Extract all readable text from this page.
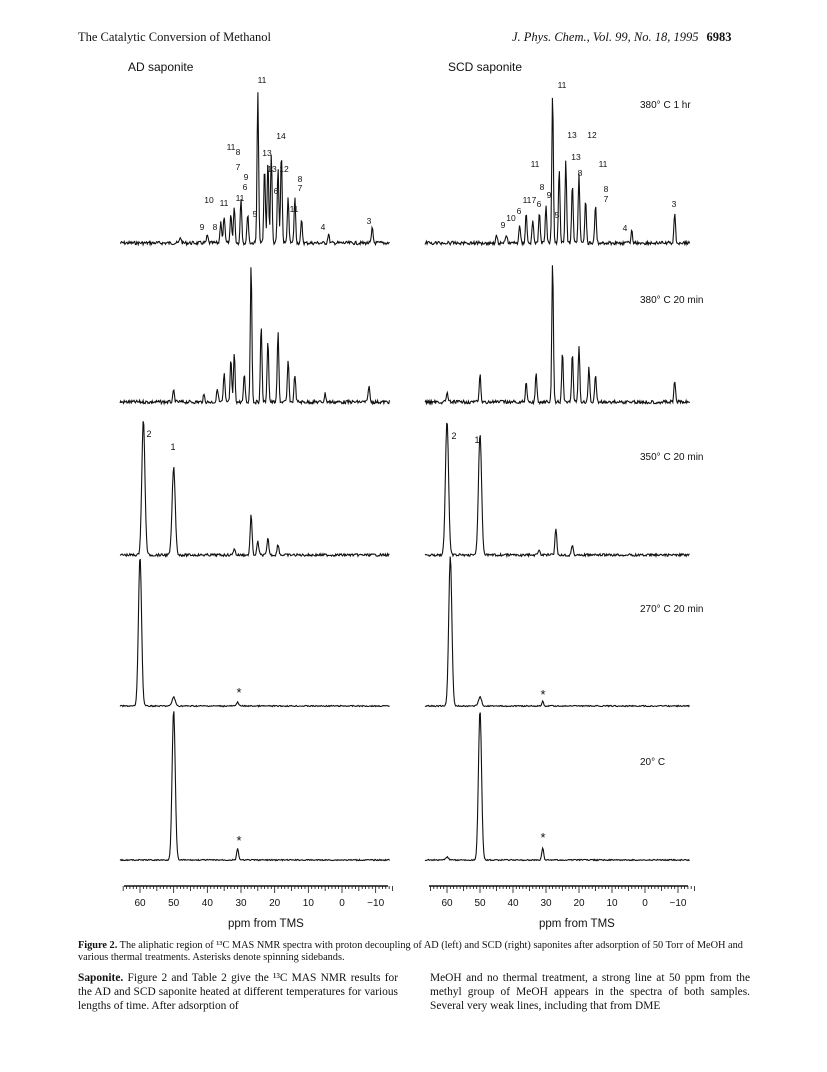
The Catalytic Conversion of Methanol	J. Phys. Chem., Vol. 99, No. 18, 1995 6983
AD saponite	SCD saponite
380° C 1 hr
380° C 20 min
350° C 20 min
270° C 20 min
20° C
9 8
10 11
11 8
7
9
6
11
5
13
13 12
6
14
8
7
11
4
3	9
10
6
11 7 6
11
8
9
5
11
13
13
8
12
11
8
7
4
3
11
2
1
2 1
*	*
*	*
60 50 40 30 20 10	0 −10	60 50 40 30 20 10 0 −10
ppm from TMS	ppm from TMS
Figure 2. The aliphatic region of ¹³C MAS NMR spectra with proton decoupling of AD (left) and SCD (right) saponites after adsorption of 50 Torr of MeOH and various thermal treatments. Asterisks denote spinning sidebands.
Saponite. Figure 2 and Table 2 give the ¹³C MAS NMR results for the AD and SCD saponite heated at different temperatures for various lengths of time. After adsorption of
MeOH and no thermal treatment, a strong line at 50 ppm from the methyl group of MeOH appears in the spectra of both samples. Several very weak lines, including that from DME
